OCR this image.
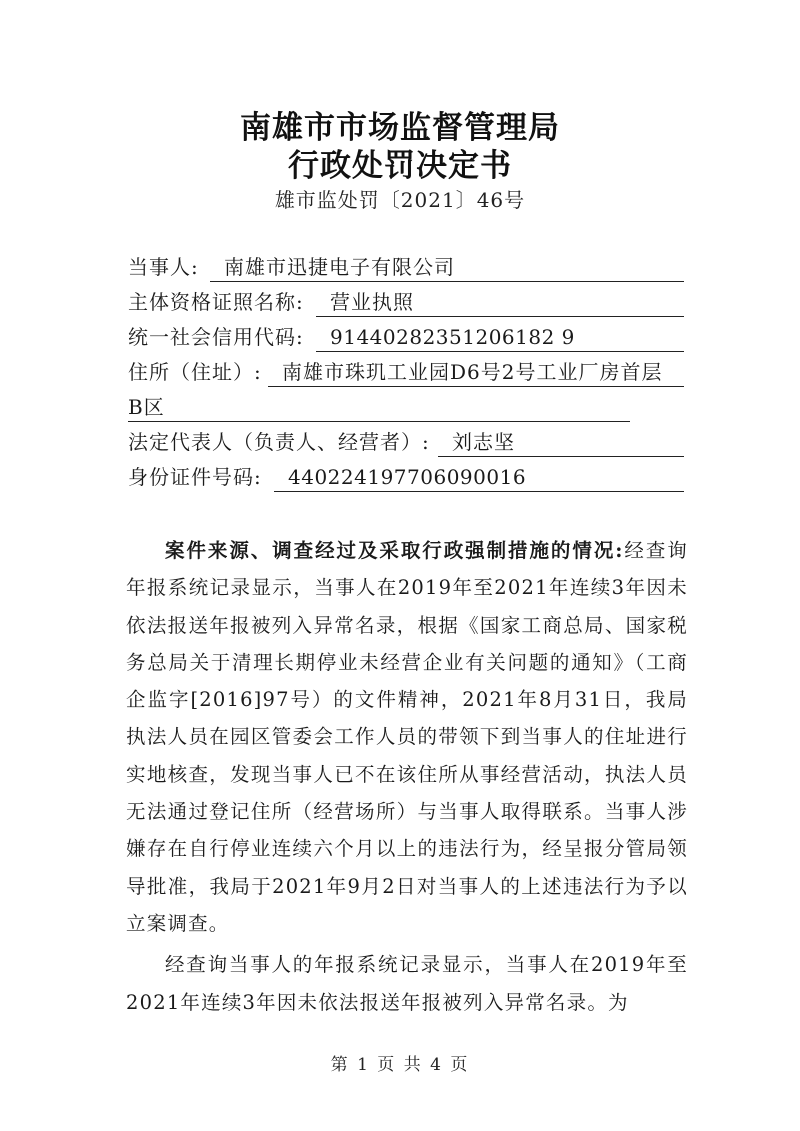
南雄市市场监督管理局
行政处罚决定书
雄市监处罚〔2021〕46号
当事人:	南雄市迅捷电子有限公司
主体资格证照名称:	营业执照
统一社会信用代码:	91440282351206182 9
住所（住址）:	南雄市珠玑工业园D6号2号工业厂房首层
B区
法定代表人（负责人、经营者）:	刘志坚
身份证件号码:	440224197706090016

案件来源、调查经过及采取行政强制措施的情况:经查询年报系统记录显示，当事人在2019年至2021年连续3年因未依法报送年报被列入异常名录，根据《国家工商总局、国家税务总局关于清理长期停业未经营企业有关问题的通知》（工商企监字[2016]97号）的文件精神，2021年8月31日，我局执法人员在园区管委会工作人员的带领下到当事人的住址进行实地核查，发现当事人已不在该住所从事经营活动，执法人员无法通过登记住所（经营场所）与当事人取得联系。当事人涉嫌存在自行停业连续六个月以上的违法行为，经呈报分管局领导批准，我局于2021年9月2日对当事人的上述违法行为予以立案调查。

经查询当事人的年报系统记录显示，当事人在2019年至2021年连续3年因未依法报送年报被列入异常名录。为

第 1 页 共 4 页
